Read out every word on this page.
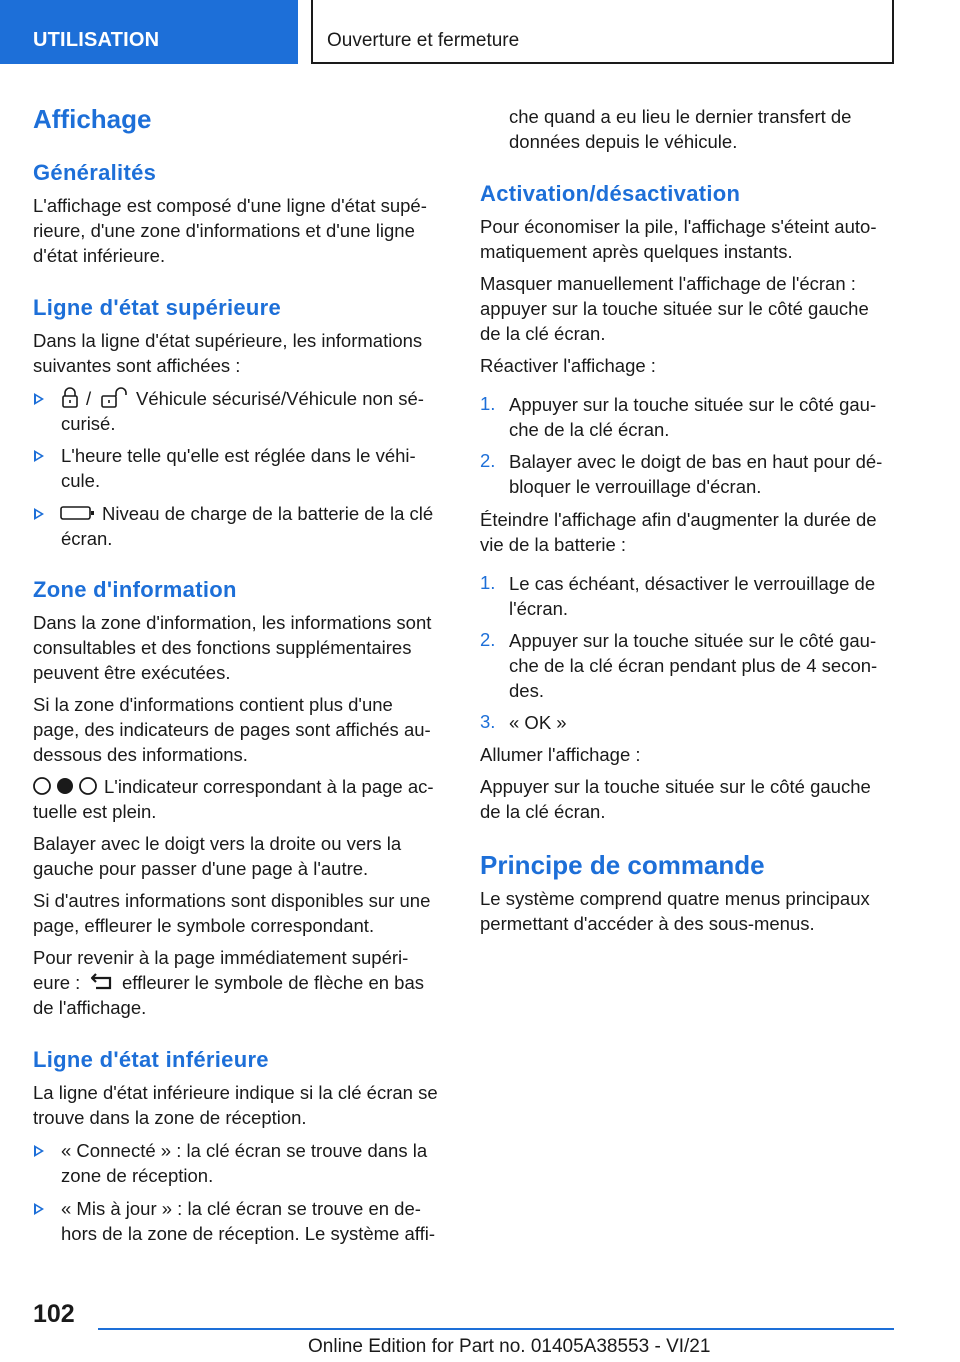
UTILISATION	Ouverture et fermeture
Affichage
Généralités
L'affichage est composé d'une ligne d'état supé-
rieure, d'une zone d'informations et d'une ligne
d'état inférieure.
Ligne d'état supérieure
Dans la ligne d'état supérieure, les informations
suivantes sont affichées :
/ Véhicule sécurisé/Véhicule non sé-
curisé.
L'heure telle qu'elle est réglée dans le véhi-
cule.
Niveau de charge de la batterie de la clé
écran.
Zone d'information
Dans la zone d'information, les informations sont
consultables et des fonctions supplémentaires
peuvent être exécutées.
Si la zone d'informations contient plus d'une
page, des indicateurs de pages sont affichés au-
dessous des informations.
L'indicateur correspondant à la page ac-
tuelle est plein.
Balayer avec le doigt vers la droite ou vers la
gauche pour passer d'une page à l'autre.
Si d'autres informations sont disponibles sur une
page, effleurer le symbole correspondant.
Pour revenir à la page immédiatement supéri-
eure : effleurer le symbole de flèche en bas
de l'affichage.
Ligne d'état inférieure
La ligne d'état inférieure indique si la clé écran se
trouve dans la zone de réception.
« Connecté » : la clé écran se trouve dans la
zone de réception.
« Mis à jour » : la clé écran se trouve en de-
hors de la zone de réception. Le système affi-
che quand a eu lieu le dernier transfert de
données depuis le véhicule.
Activation/désactivation
Pour économiser la pile, l'affichage s'éteint auto-
matiquement après quelques instants.
Masquer manuellement l'affichage de l'écran :
appuyer sur la touche située sur le côté gauche
de la clé écran.
Réactiver l'affichage :
1. Appuyer sur la touche située sur le côté gau-
che de la clé écran.
2. Balayer avec le doigt de bas en haut pour dé-
bloquer le verrouillage d'écran.
Éteindre l'affichage afin d'augmenter la durée de
vie de la batterie :
1. Le cas échéant, désactiver le verrouillage de
l'écran.
2. Appuyer sur la touche située sur le côté gau-
che de la clé écran pendant plus de 4 secon-
des.
3. « OK »
Allumer l'affichage :
Appuyer sur la touche située sur le côté gauche
de la clé écran.
Principe de commande
Le système comprend quatre menus principaux
permettant d'accéder à des sous-menus.
102
Online Edition for Part no. 01405A38553 - VI/21
